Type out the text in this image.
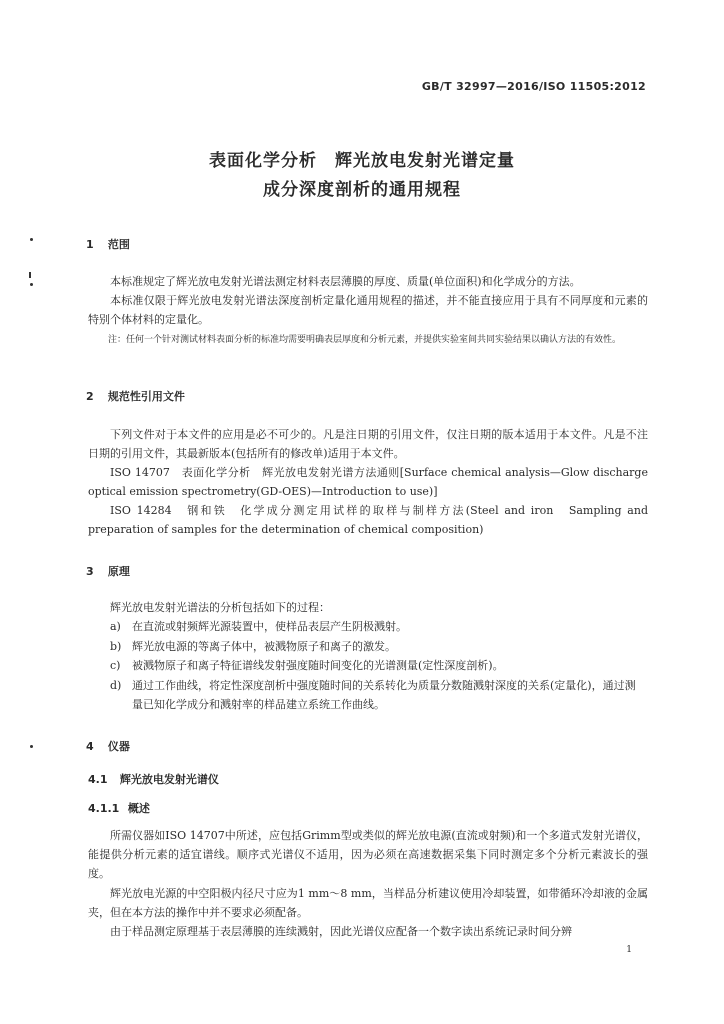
GB/T 32997—2016/ISO 11505:2012
表面化学分析　辉光放电发射光谱定量
成分深度剖析的通用规程
1 范围
本标准规定了辉光放电发射光谱法测定材料表层薄膜的厚度、质量(单位面积)和化学成分的方法。
本标准仅限于辉光放电发射光谱法深度剖析定量化通用规程的描述，并不能直接应用于具有不同厚度和元素的特别个体材料的定量化。
注：任何一个针对测试材料表面分析的标准均需要明确表层厚度和分析元素，并提供实验室间共同实验结果以确认方法的有效性。
2 规范性引用文件
下列文件对于本文件的应用是必不可少的。凡是注日期的引用文件，仅注日期的版本适用于本文件。凡是不注日期的引用文件，其最新版本(包括所有的修改单)适用于本文件。
ISO 14707　表面化学分析　辉光放电发射光谱方法通则[Surface chemical analysis—Glow discharge optical emission spectrometry(GD-OES)—Introduction to use)]
ISO 14284　钢和铁　化学成分测定用试样的取样与制样方法(Steel and iron　Sampling and preparation of samples for the determination of chemical composition)
3 原理
辉光放电发射光谱法的分析包括如下的过程：
a) 在直流或射频辉光源装置中，使样品表层产生阴极溅射。
b) 辉光放电源的等离子体中，被溅物原子和离子的激发。
c) 被溅物原子和离子特征谱线发射强度随时间变化的光谱测量(定性深度剖析)。
d) 通过工作曲线，将定性深度剖析中强度随时间的关系转化为质量分数随溅射深度的关系(定量化)，通过测量已知化学成分和溅射率的样品建立系统工作曲线。
4 仪器
4.1 辉光放电发射光谱仪
4.1.1 概述
所需仪器如ISO 14707中所述，应包括Grimm型或类似的辉光放电源(直流或射频)和一个多道式发射光谱仪，能提供分析元素的适宜谱线。顺序式光谱仪不适用，因为必须在高速数据采集下同时测定多个分析元素波长的强度。
辉光放电光源的中空阳极内径尺寸应为1 mm～8 mm，当样品分析建议使用冷却装置，如带循环冷却液的金属夹，但在本方法的操作中并不要求必须配备。
由于样品测定原理基于表层薄膜的连续溅射，因此光谱仪应配备一个数字读出系统记录时间分辨
1
